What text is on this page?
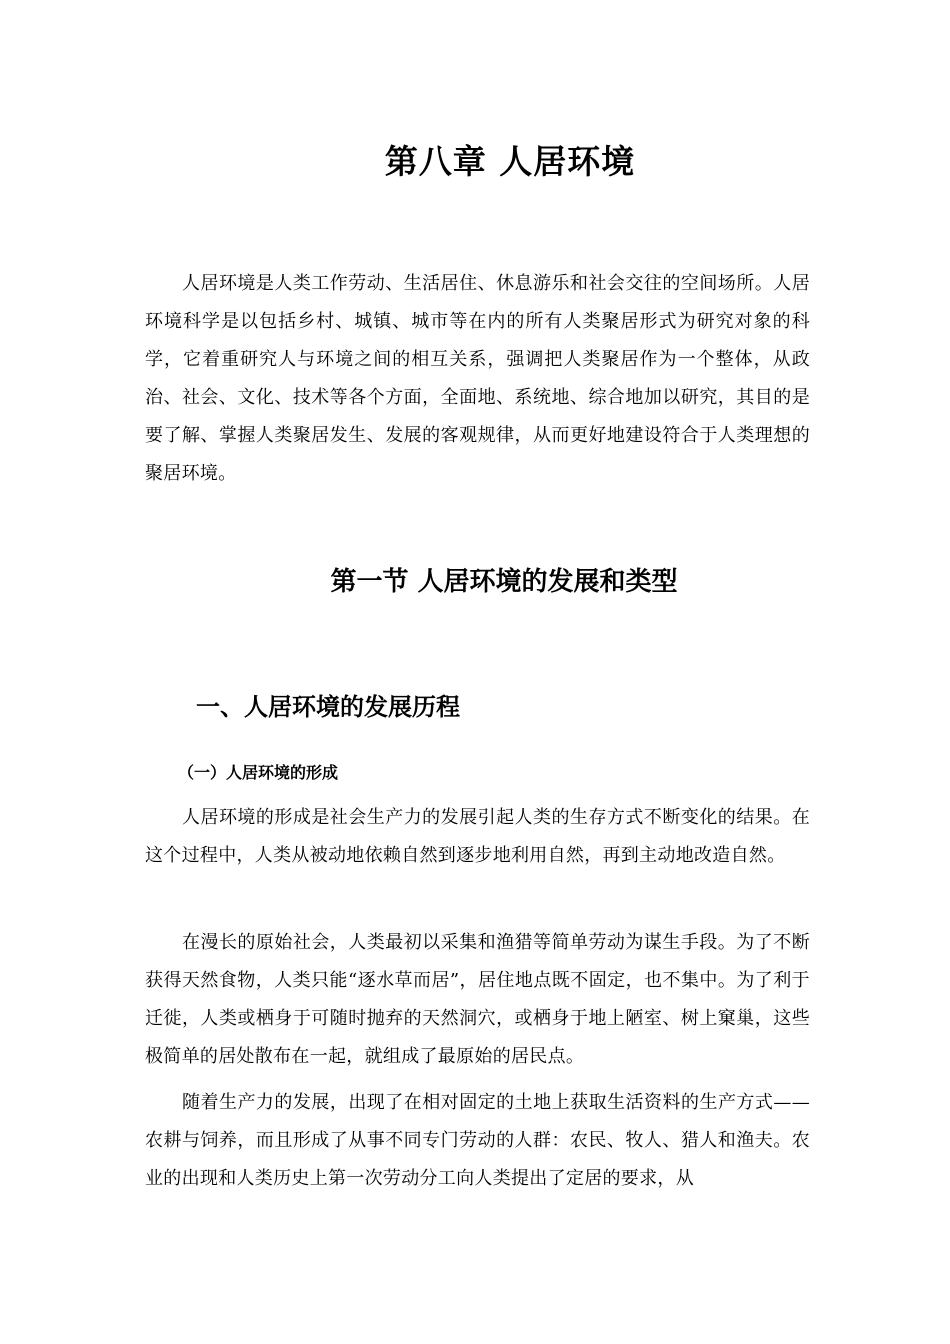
第八章 人居环境

人居环境是人类工作劳动、生活居住、休息游乐和社会交往的空间场所。人居环境科学是以包括乡村、城镇、城市等在内的所有人类聚居形式为研究对象的科学，它着重研究人与环境之间的相互关系，强调把人类聚居作为一个整体，从政治、社会、文化、技术等各个方面，全面地、系统地、综合地加以研究，其目的是要了解、掌握人类聚居发生、发展的客观规律，从而更好地建设符合于人类理想的聚居环境。

第一节 人居环境的发展和类型
一、人居环境的发展历程
（一）人居环境的形成

人居环境的形成是社会生产力的发展引起人类的生存方式不断变化的结果。在这个过程中，人类从被动地依赖自然到逐步地利用自然，再到主动地改造自然。

在漫长的原始社会，人类最初以采集和渔猎等简单劳动为谋生手段。为了不断获得天然食物，人类只能“逐水草而居”，居住地点既不固定，也不集中。为了利于迁徙，人类或栖身于可随时抛弃的天然洞穴，或栖身于地上陋室、树上窠巢，这些极简单的居处散布在一起，就组成了最原始的居民点。

随着生产力的发展，出现了在相对固定的土地上获取生活资料的生产方式——农耕与饲养，而且形成了从事不同专门劳动的人群：农民、牧人、猎人和渔夫。农业的出现和人类历史上第一次劳动分工向人类提出了定居的要求，从
